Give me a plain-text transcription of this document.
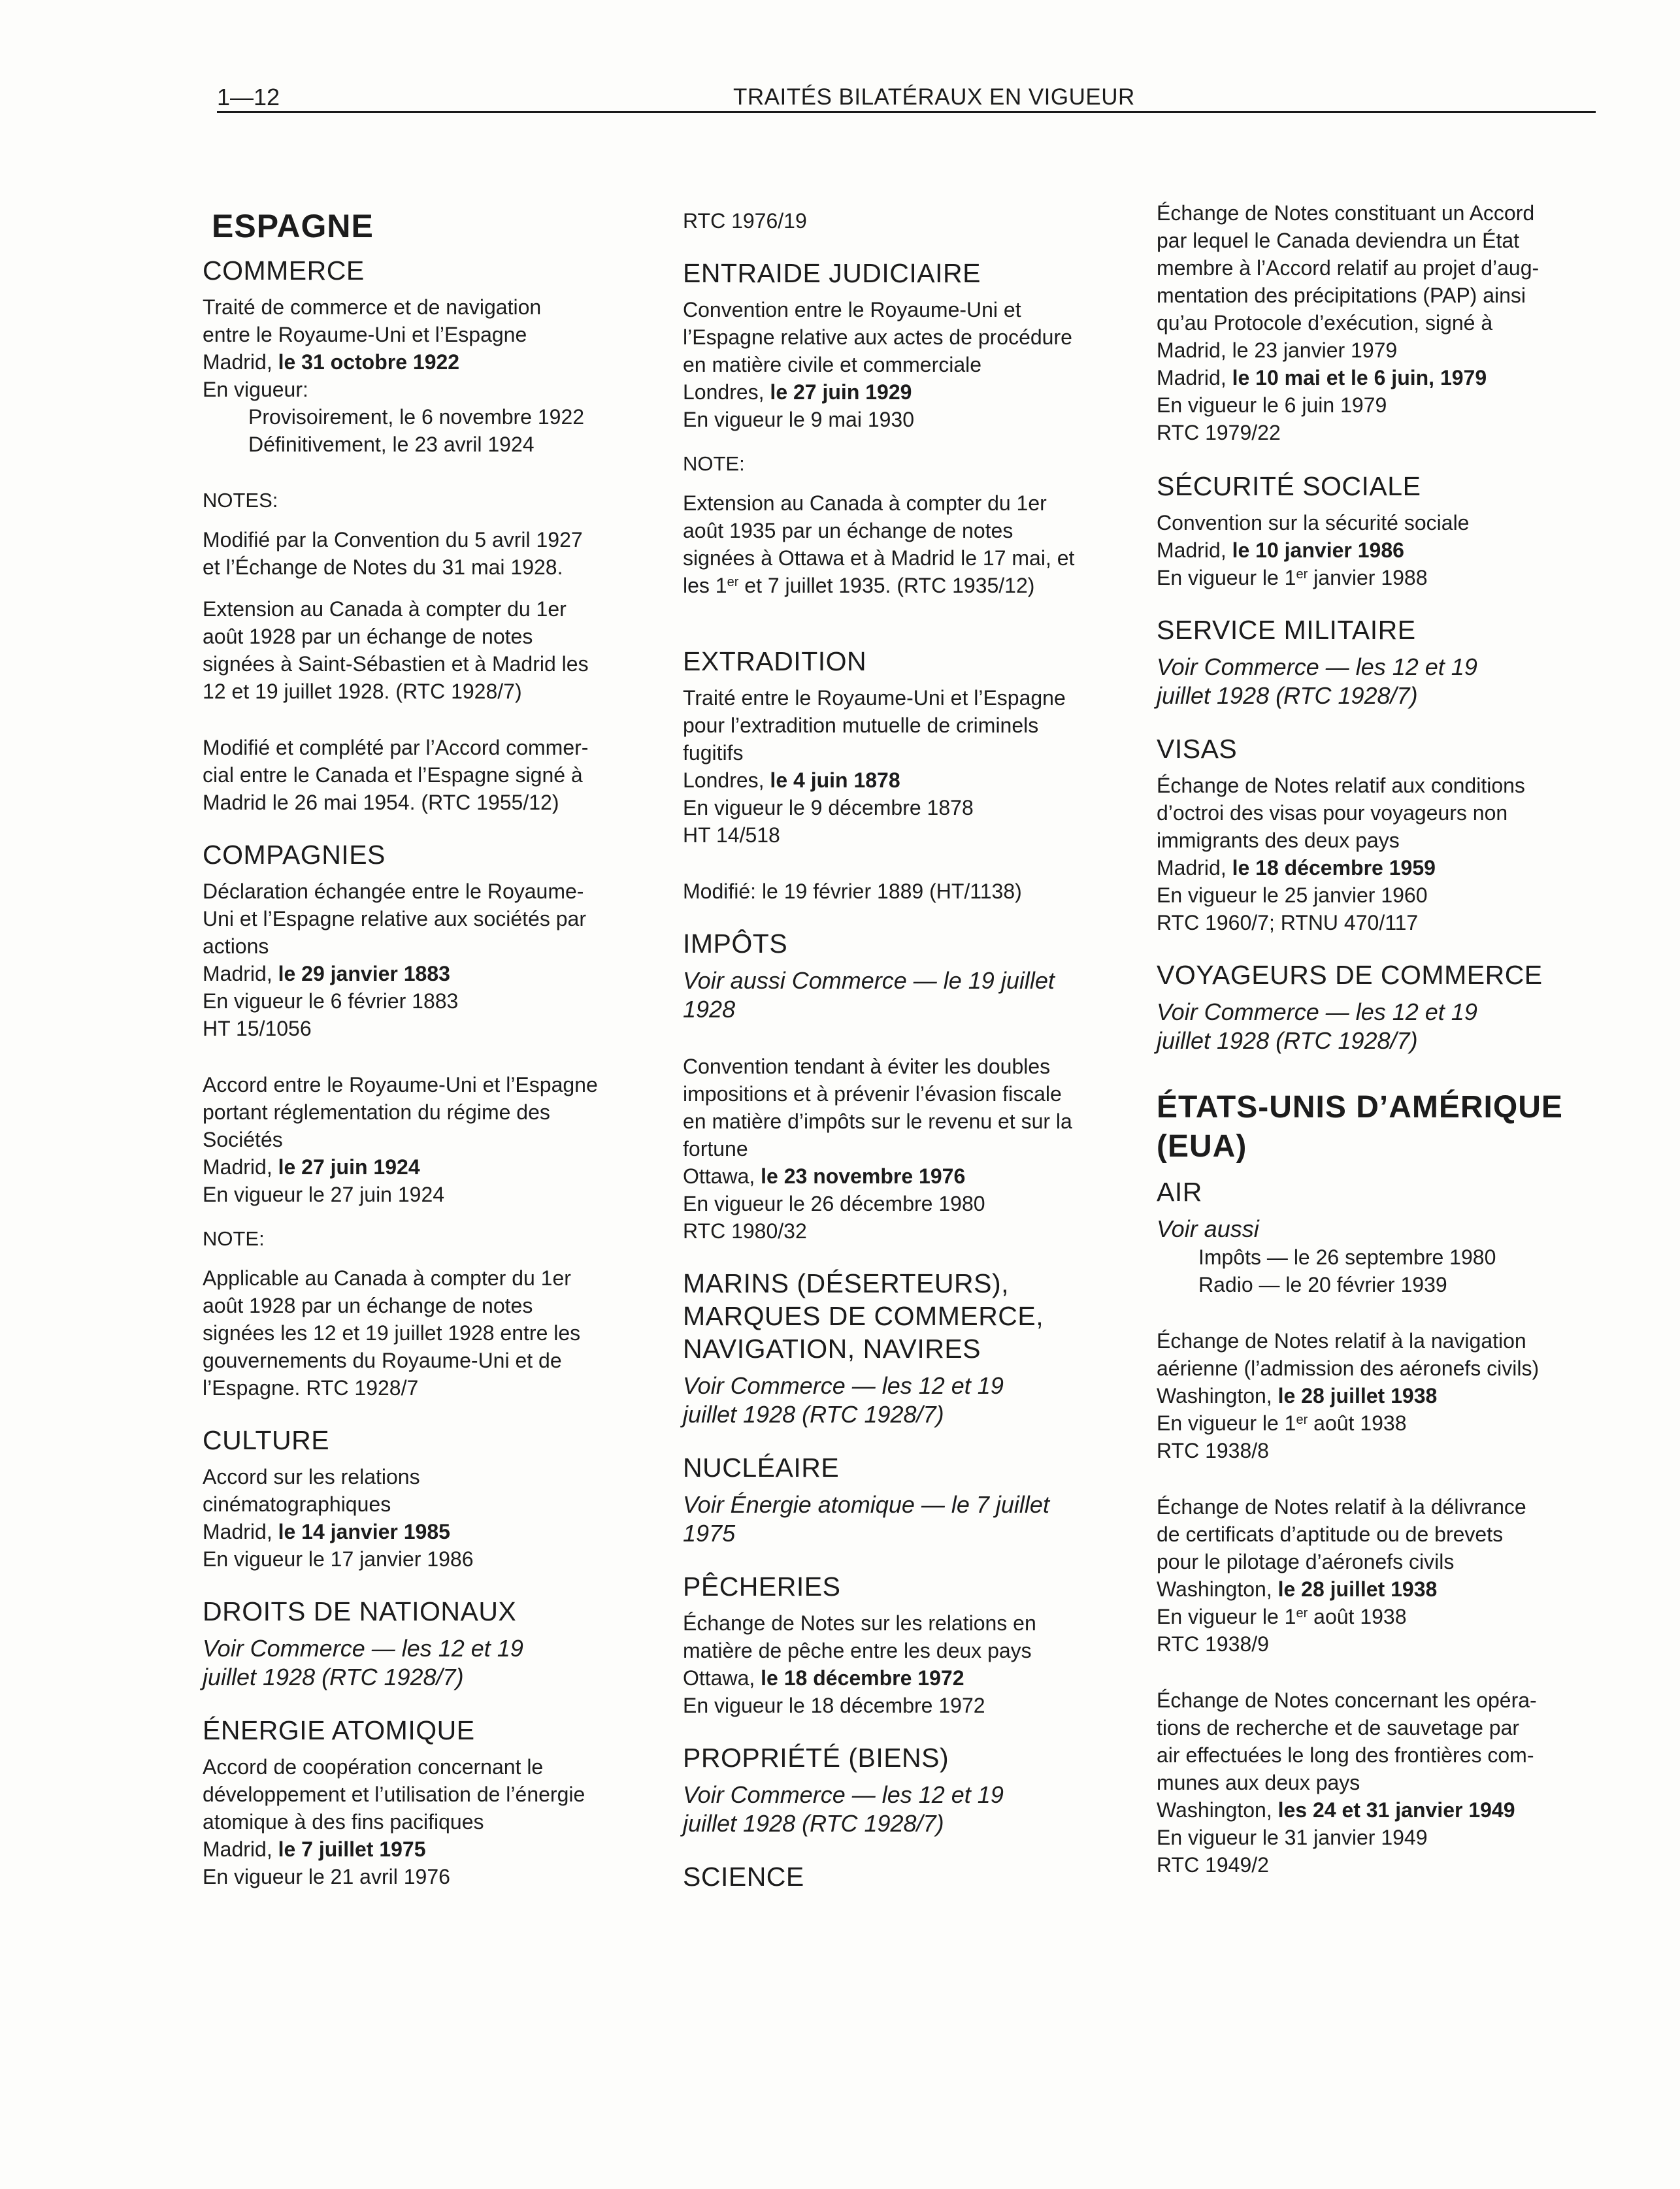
1—12	TRAITÉS BILATÉRAUX EN VIGUEUR
ESPAGNE
COMMERCE
Traité de commerce et de navigation
entre le Royaume-Uni et l’Espagne
Madrid, le 31 octobre 1922
En vigueur:
Provisoirement, le 6 novembre 1922
Définitivement, le 23 avril 1924
NOTES:
Modifié par la Convention du 5 avril 1927
et l’Échange de Notes du 31 mai 1928.
Extension au Canada à compter du 1er
août 1928 par un échange de notes
signées à Saint-Sébastien et à Madrid les
12 et 19 juillet 1928. (RTC 1928/7)
Modifié et complété par l’Accord commer-
cial entre le Canada et l’Espagne signé à
Madrid le 26 mai 1954. (RTC 1955/12)
COMPAGNIES
Déclaration échangée entre le Royaume-
Uni et l’Espagne relative aux sociétés par
actions
Madrid, le 29 janvier 1883
En vigueur le 6 février 1883
HT 15/1056
Accord entre le Royaume-Uni et l’Espagne
portant réglementation du régime des
Sociétés
Madrid, le 27 juin 1924
En vigueur le 27 juin 1924
NOTE:
Applicable au Canada à compter du 1er
août 1928 par un échange de notes
signées les 12 et 19 juillet 1928 entre les
gouvernements du Royaume-Uni et de
l’Espagne. RTC 1928/7
CULTURE
Accord sur les relations
cinématographiques
Madrid, le 14 janvier 1985
En vigueur le 17 janvier 1986
DROITS DE NATIONAUX
Voir Commerce — les 12 et 19
juillet 1928 (RTC 1928/7)
ÉNERGIE ATOMIQUE
Accord de coopération concernant le
développement et l’utilisation de l’énergie
atomique à des fins pacifiques
Madrid, le 7 juillet 1975
En vigueur le 21 avril 1976
RTC 1976/19
ENTRAIDE JUDICIAIRE
Convention entre le Royaume-Uni et
l’Espagne relative aux actes de procédure
en matière civile et commerciale
Londres, le 27 juin 1929
En vigueur le 9 mai 1930
NOTE:
Extension au Canada à compter du 1er
août 1935 par un échange de notes
signées à Ottawa et à Madrid le 17 mai, et
les 1er et 7 juillet 1935. (RTC 1935/12)
EXTRADITION
Traité entre le Royaume-Uni et l’Espagne
pour l’extradition mutuelle de criminels
fugitifs
Londres, le 4 juin 1878
En vigueur le 9 décembre 1878
HT 14/518
Modifié: le 19 février 1889 (HT/1138)
IMPÔTS
Voir aussi Commerce — le 19 juillet
1928
Convention tendant à éviter les doubles
impositions et à prévenir l’évasion fiscale
en matière d’impôts sur le revenu et sur la
fortune
Ottawa, le 23 novembre 1976
En vigueur le 26 décembre 1980
RTC 1980/32
MARINS (DÉSERTEURS),
MARQUES DE COMMERCE,
NAVIGATION, NAVIRES
Voir Commerce — les 12 et 19
juillet 1928 (RTC 1928/7)
NUCLÉAIRE
Voir Énergie atomique — le 7 juillet
1975
PÊCHERIES
Échange de Notes sur les relations en
matière de pêche entre les deux pays
Ottawa, le 18 décembre 1972
En vigueur le 18 décembre 1972
PROPRIÉTÉ (BIENS)
Voir Commerce — les 12 et 19
juillet 1928 (RTC 1928/7)
SCIENCE
Échange de Notes constituant un Accord
par lequel le Canada deviendra un État
membre à l’Accord relatif au projet d’aug-
mentation des précipitations (PAP) ainsi
qu’au Protocole d’exécution, signé à
Madrid, le 23 janvier 1979
Madrid, le 10 mai et le 6 juin, 1979
En vigueur le 6 juin 1979
RTC 1979/22
SÉCURITÉ SOCIALE
Convention sur la sécurité sociale
Madrid, le 10 janvier 1986
En vigueur le 1er janvier 1988
SERVICE MILITAIRE
Voir Commerce — les 12 et 19
juillet 1928 (RTC 1928/7)
VISAS
Échange de Notes relatif aux conditions
d’octroi des visas pour voyageurs non
immigrants des deux pays
Madrid, le 18 décembre 1959
En vigueur le 25 janvier 1960
RTC 1960/7; RTNU 470/117
VOYAGEURS DE COMMERCE
Voir Commerce — les 12 et 19
juillet 1928 (RTC 1928/7)
ÉTATS-UNIS D’AMÉRIQUE
(EUA)
AIR
Voir aussi
Impôts — le 26 septembre 1980
Radio — le 20 février 1939
Échange de Notes relatif à la navigation
aérienne (l’admission des aéronefs civils)
Washington, le 28 juillet 1938
En vigueur le 1er août 1938
RTC 1938/8
Échange de Notes relatif à la délivrance
de certificats d’aptitude ou de brevets
pour le pilotage d’aéronefs civils
Washington, le 28 juillet 1938
En vigueur le 1er août 1938
RTC 1938/9
Échange de Notes concernant les opéra-
tions de recherche et de sauvetage par
air effectuées le long des frontières com-
munes aux deux pays
Washington, les 24 et 31 janvier 1949
En vigueur le 31 janvier 1949
RTC 1949/2
